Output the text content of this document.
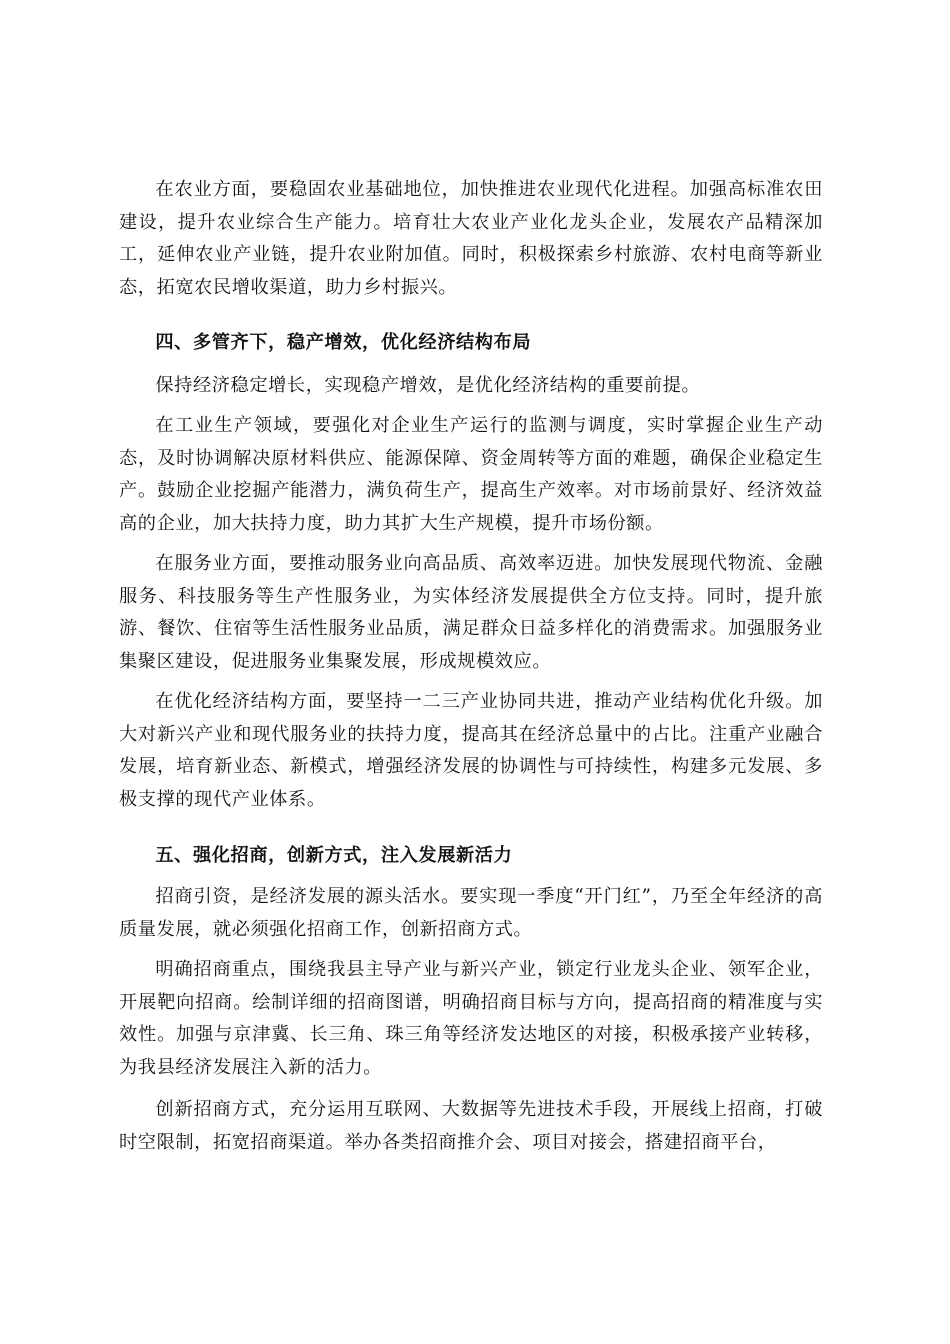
在农业方面，要稳固农业基础地位，加快推进农业现代化进程。加强高标准农田建设，提升农业综合生产能力。培育壮大农业产业化龙头企业，发展农产品精深加工，延伸农业产业链，提升农业附加值。同时，积极探索乡村旅游、农村电商等新业态，拓宽农民增收渠道，助力乡村振兴。

四、多管齐下，稳产增效，优化经济结构布局

保持经济稳定增长，实现稳产增效，是优化经济结构的重要前提。

在工业生产领域，要强化对企业生产运行的监测与调度，实时掌握企业生产动态，及时协调解决原材料供应、能源保障、资金周转等方面的难题，确保企业稳定生产。鼓励企业挖掘产能潜力，满负荷生产，提高生产效率。对市场前景好、经济效益高的企业，加大扶持力度，助力其扩大生产规模，提升市场份额。

在服务业方面，要推动服务业向高品质、高效率迈进。加快发展现代物流、金融服务、科技服务等生产性服务业，为实体经济发展提供全方位支持。同时，提升旅游、餐饮、住宿等生活性服务业品质，满足群众日益多样化的消费需求。加强服务业集聚区建设，促进服务业集聚发展，形成规模效应。

在优化经济结构方面，要坚持一二三产业协同共进，推动产业结构优化升级。加大对新兴产业和现代服务业的扶持力度，提高其在经济总量中的占比。注重产业融合发展，培育新业态、新模式，增强经济发展的协调性与可持续性，构建多元发展、多极支撑的现代产业体系。

五、强化招商，创新方式，注入发展新活力

招商引资，是经济发展的源头活水。要实现一季度“开门红”，乃至全年经济的高质量发展，就必须强化招商工作，创新招商方式。

明确招商重点，围绕我县主导产业与新兴产业，锁定行业龙头企业、领军企业，开展靶向招商。绘制详细的招商图谱，明确招商目标与方向，提高招商的精准度与实效性。加强与京津冀、长三角、珠三角等经济发达地区的对接，积极承接产业转移，为我县经济发展注入新的活力。

创新招商方式，充分运用互联网、大数据等先进技术手段，开展线上招商，打破时空限制，拓宽招商渠道。举办各类招商推介会、项目对接会，搭建招商平台，
